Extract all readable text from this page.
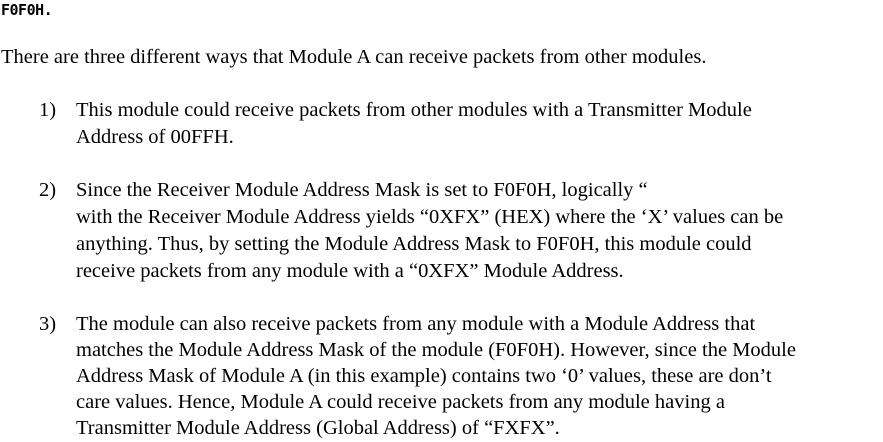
F0F0H.
There are three different ways that Module A can receive packets from other modules.
1) This module could receive packets from other modules with a Transmitter Module
Address of 00FFH.
2) Since the Receiver Module Address Mask is set to F0F0H, logically “
with the Receiver Module Address yields “0XFX” (HEX) where the ‘X’ values can be
anything. Thus, by setting the Module Address Mask to F0F0H, this module could
receive packets from any module with a “0XFX” Module Address.
3) The module can also receive packets from any module with a Module Address that
matches the Module Address Mask of the module (F0F0H). However, since the Module
Address Mask of Module A (in this example) contains two ‘0’ values, these are don’t
care values. Hence, Module A could receive packets from any module having a
Transmitter Module Address (Global Address) of “FXFX”.
